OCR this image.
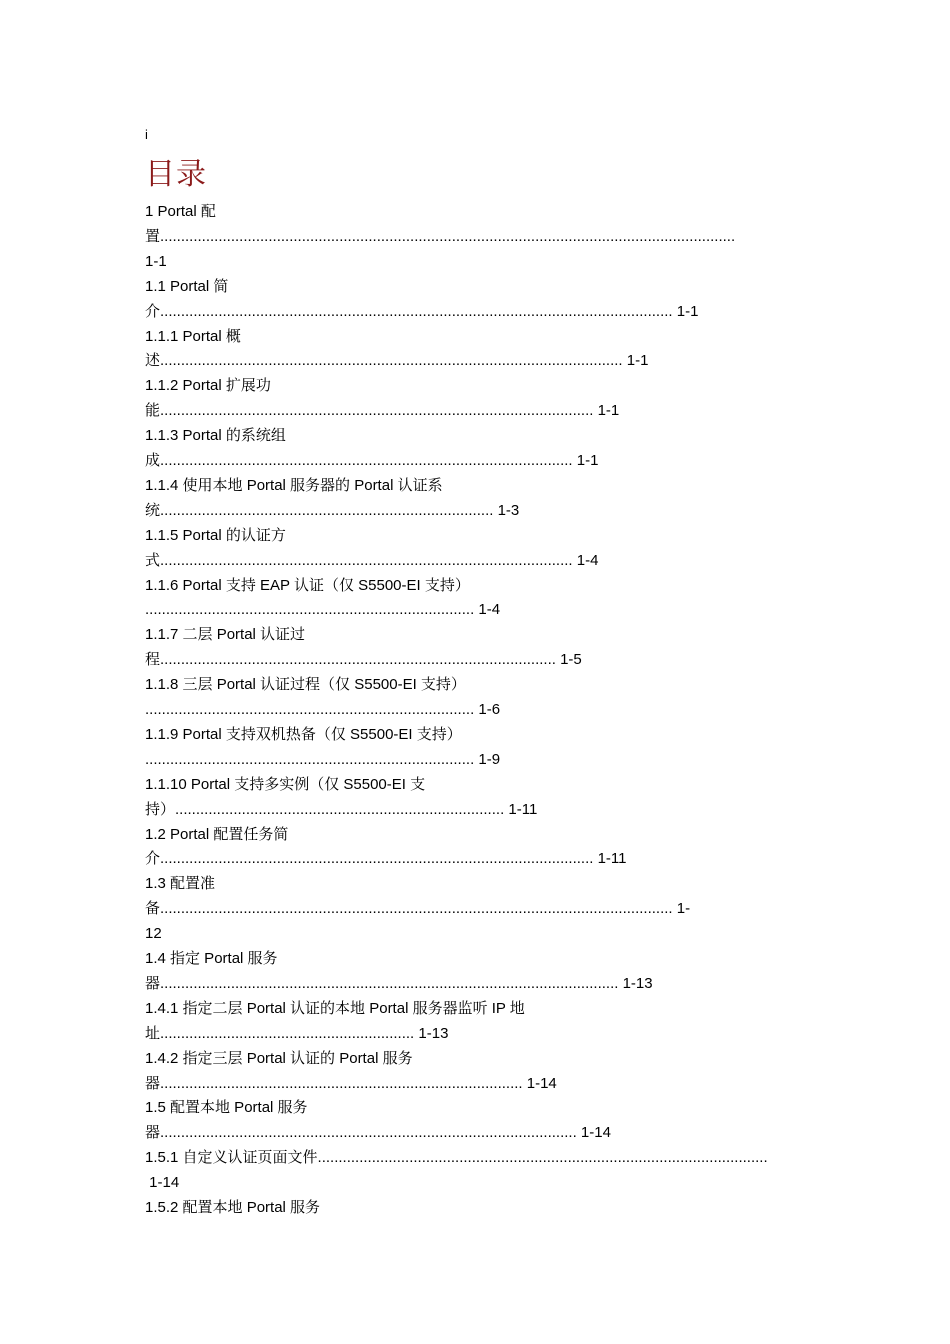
i
目录
1 Portal 配
置..........................................................................................................................................
1-1
1.1 Portal 简
介........................................................................................................................... 1-1
1.1.1 Portal 概
述............................................................................................................... 1-1
1.1.2 Portal 扩展功
能........................................................................................................ 1-1
1.1.3 Portal 的系统组
成................................................................................................... 1-1
1.1.4 使用本地 Portal 服务器的 Portal 认证系
统................................................................................ 1-3
1.1.5 Portal 的认证方
式................................................................................................... 1-4
1.1.6 Portal 支持 EAP 认证（仅 S5500-EI 支持）
............................................................................... 1-4
1.1.7 二层 Portal 认证过
程............................................................................................... 1-5
1.1.8 三层 Portal 认证过程（仅 S5500-EI 支持）
............................................................................... 1-6
1.1.9 Portal 支持双机热备（仅 S5500-EI 支持）
............................................................................... 1-9
1.1.10 Portal 支持多实例（仅 S5500-EI 支
持）............................................................................... 1-11
1.2 Portal 配置任务简
介........................................................................................................ 1-11
1.3 配置准
备........................................................................................................................... 1-
12
1.4 指定 Portal 服务
器.............................................................................................................. 1-13
1.4.1 指定二层 Portal 认证的本地 Portal 服务器监听 IP 地
址............................................................. 1-13
1.4.2 指定三层 Portal 认证的 Portal 服务
器....................................................................................... 1-14
1.5 配置本地 Portal 服务
器.................................................................................................... 1-14
1.5.1 自定义认证页面文件............................................................................................................
1-14
1.5.2 配置本地 Portal 服务
